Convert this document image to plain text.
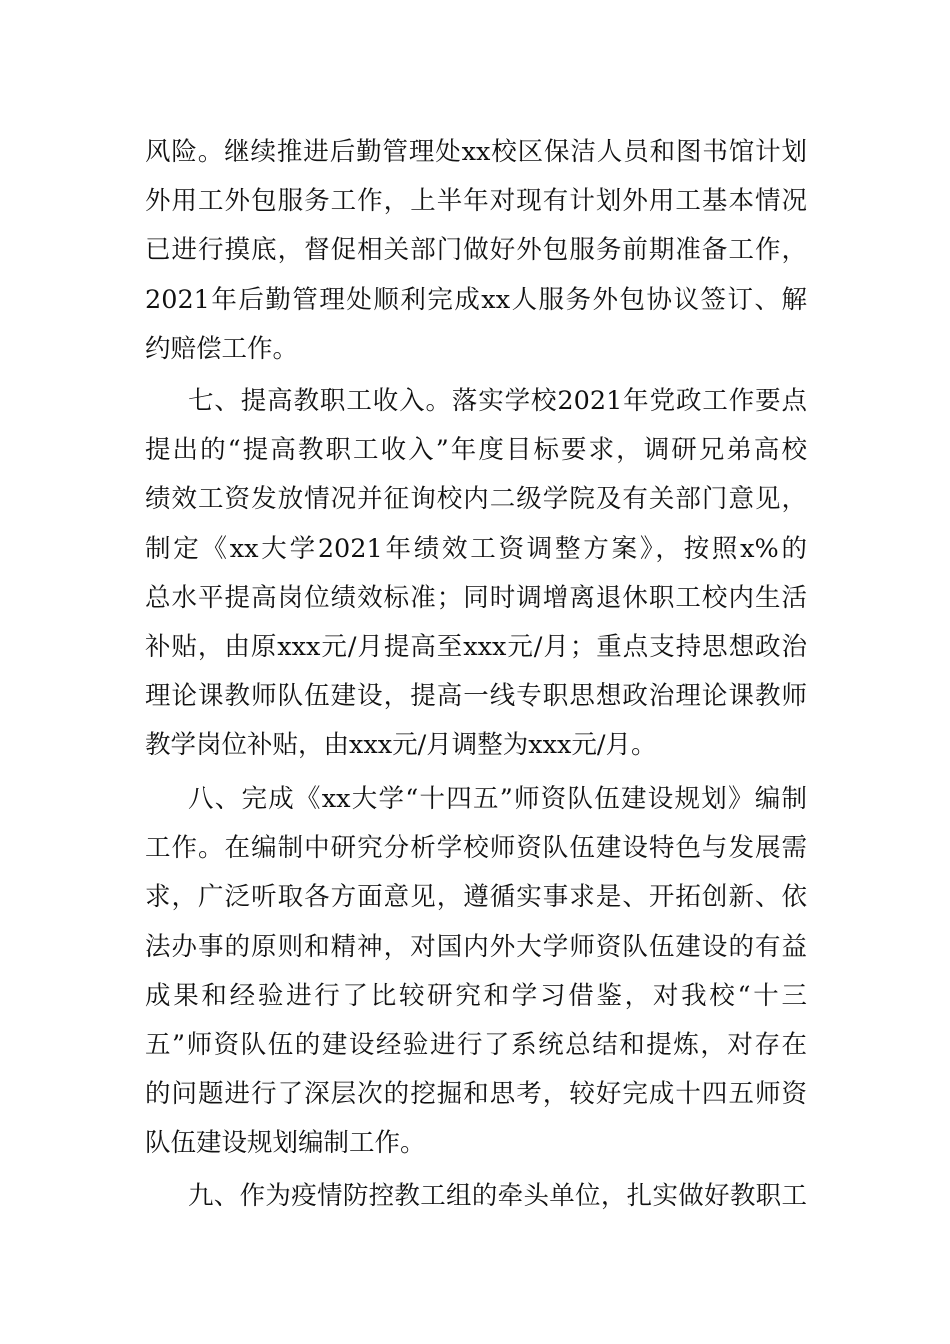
风险。继续推进后勤管理处xx校区保洁人员和图书馆计划
外用工外包服务工作，上半年对现有计划外用工基本情况
已进行摸底，督促相关部门做好外包服务前期准备工作，
2021年后勤管理处顺利完成xx人服务外包协议签订、解
约赔偿工作。
七、提高教职工收入。落实学校2021年党政工作要点
提出的“提高教职工收入”年度目标要求，调研兄弟高校
绩效工资发放情况并征询校内二级学院及有关部门意见，
制定《xx大学2021年绩效工资调整方案》，按照x%的
总水平提高岗位绩效标准；同时调增离退休职工校内生活
补贴，由原xxx元/月提高至xxx元/月；重点支持思想政治
理论课教师队伍建设，提高一线专职思想政治理论课教师
教学岗位补贴，由xxx元/月调整为xxx元/月。
八、完成《xx大学“十四五”师资队伍建设规划》编制
工作。在编制中研究分析学校师资队伍建设特色与发展需
求，广泛听取各方面意见，遵循实事求是、开拓创新、依
法办事的原则和精神，对国内外大学师资队伍建设的有益
成果和经验进行了比较研究和学习借鉴，对我校“十三
五”师资队伍的建设经验进行了系统总结和提炼，对存在
的问题进行了深层次的挖掘和思考，较好完成十四五师资
队伍建设规划编制工作。
九、作为疫情防控教工组的牵头单位，扎实做好教职工
